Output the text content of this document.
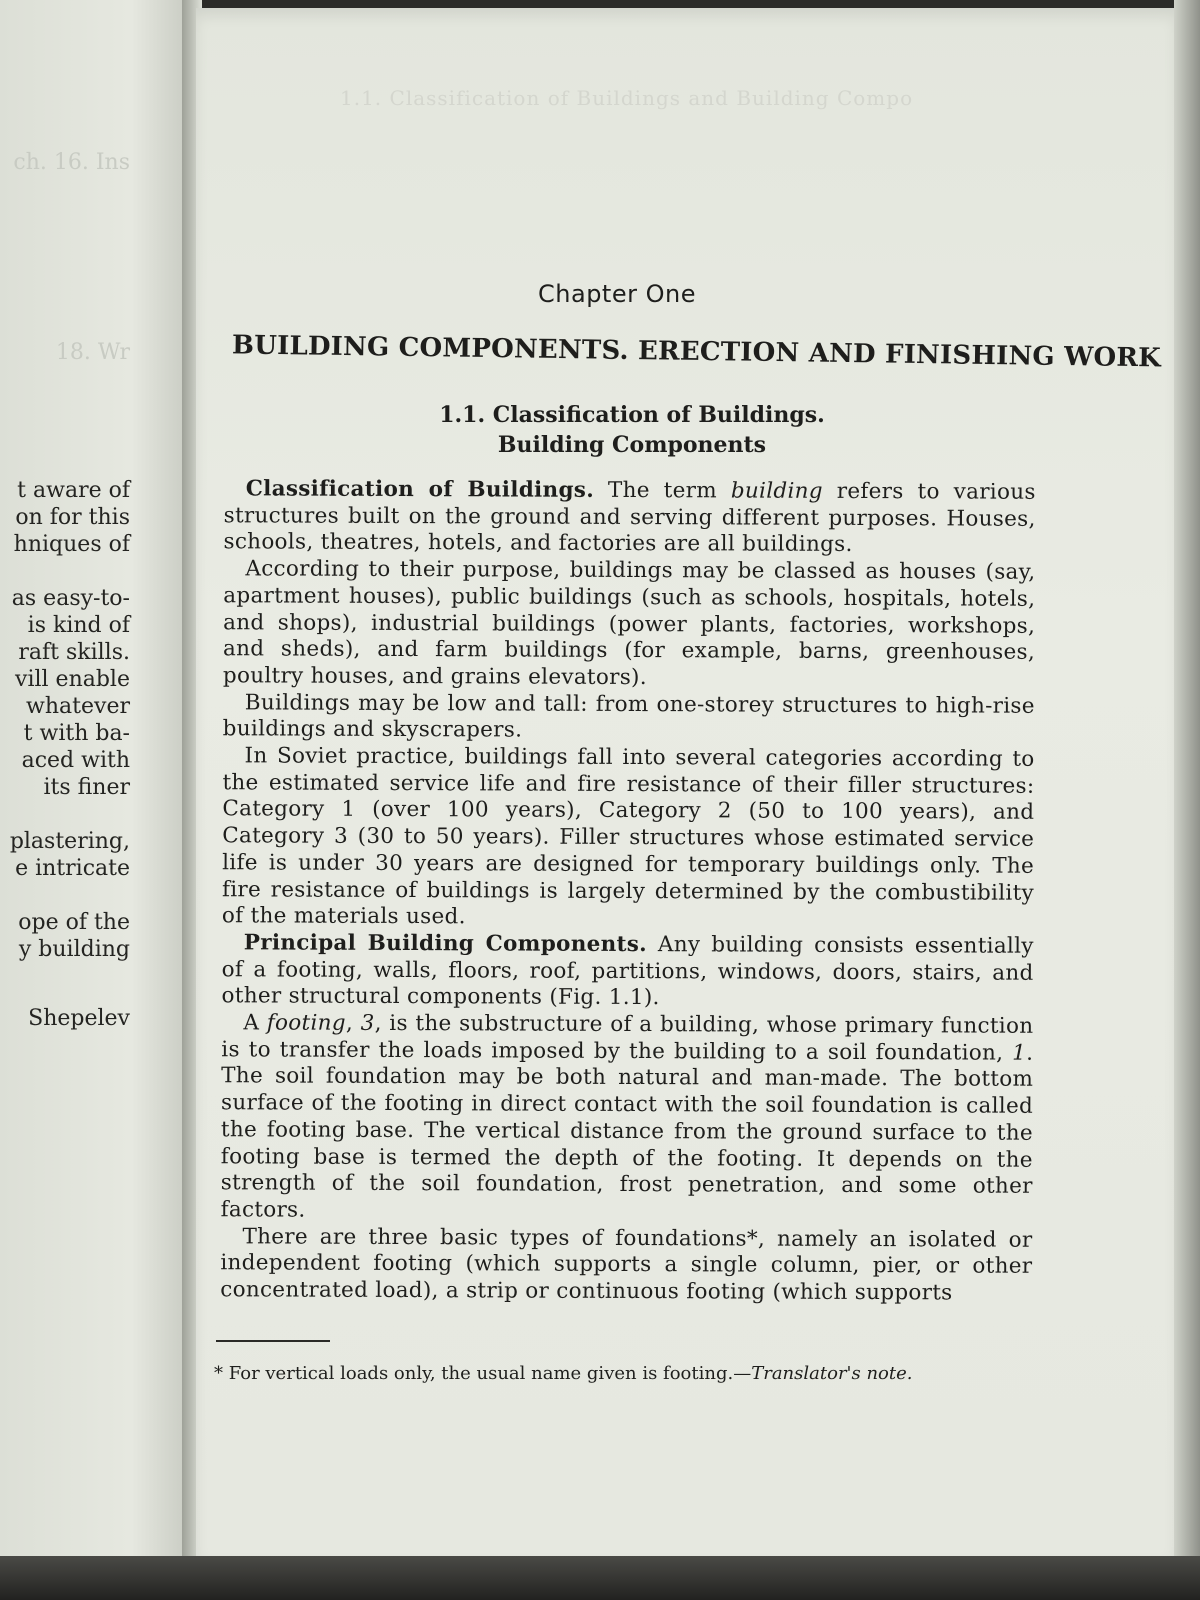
ch. 16. Ins
18. Wr
t aware of
on for this
hniques of
as easy-to-
is kind of
raft skills.
vill enable
whatever
t with ba-
aced with
its finer
plastering,
e intricate
ope of the
y building
Shepelev
1.1. Classification of Buildings and Building Compo
Chapter One
BUILDING COMPONENTS. ERECTION AND FINISHING WORK
1.1. Classification of Buildings.
Building Components

Classification of Buildings. The term building refers to various structures built on the ground and serving different purposes. Houses, schools, theatres, hotels, and factories are all buildings.

According to their purpose, buildings may be classed as houses (say, apartment houses), public buildings (such as schools, hospitals, hotels, and shops), industrial buildings (power plants, factories, workshops, and sheds), and farm buildings (for example, barns, greenhouses, poultry houses, and grains elevators).

Buildings may be low and tall: from one-storey structures to high-rise buildings and skyscrapers.

In Soviet practice, buildings fall into several categories according to the estimated service life and fire resistance of their filler structures: Category 1 (over 100 years), Category 2 (50 to 100 years), and Category 3 (30 to 50 years). Filler structures whose estimated service life is under 30 years are designed for temporary buildings only. The fire resistance of buildings is largely determined by the combustibility of the materials used.

Principal Building Components. Any building consists essentially of a footing, walls, floors, roof, partitions, windows, doors, stairs, and other structural components (Fig. 1.1).

A footing, 3, is the substructure of a building, whose primary function is to transfer the loads imposed by the building to a soil foundation, 1. The soil foundation may be both natural and man-made. The bottom surface of the footing in direct contact with the soil foundation is called the footing base. The vertical distance from the ground surface to the footing base is termed the depth of the footing. It depends on the strength of the soil foundation, frost penetration, and some other factors.

There are three basic types of foundations*, namely an isolated or independent footing (which supports a single column, pier, or other concentrated load), a strip or continuous footing (which supports

* For vertical loads only, the usual name given is footing.—Translator's note.
